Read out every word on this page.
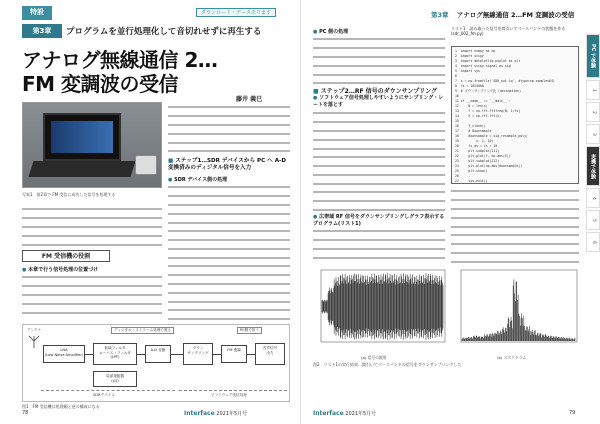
特設	ダウンロード・データあります
第3章	プログラムを並行処理化して音切れせずに再生する
アナログ無線通信 2…
FM 変調波の受信
藤井 義巳
写真1　第2章で FM 受信に成功した信号を処理する
■ ステップ1…SDR デバイスから PC へ A-D 変換済みのディジタル信号を入力
● SDR デバイス側の処理
FM 受信機の役割
● 本章で行う信号処理の位置づけ
アンテナ	ディジタル・ストリーム処理で遅る	PC側で担う
LNA
(Low Noise Amplifier)
低域フィルタ
ローパス・フィルタ
(LPF)
A-D 変換	ダウン
サンプリング
FM 復調	音声信号
出力
局部発振器
(LO)
SDRデバイス	ソフトウェア受信処理
図1　FM 受信機は処理順と逆の構成になる
78	Interface 2021年5月号
第3章 アナログ無線通信 2…FM 変調波の受信
● PC 側の処理
■ ステップ2…RF 信号のダウンサンプリング
● ソフトウェア信号処理しやすいようにサンプリング・レートを落とす
● 広帯域 RF 信号をダウンサンプリングしグラフ表示するプログラム(リスト1)
リスト1　読み取った信号を間引いてベースバンドの状態を作る(sdr_002_fm.py)
1  import numpy as np
2  import scipy
3  import matplotlib.pyplot as plt
4  import scipy.signal as sig
5  import sys
6
7  x = np.fromfile('SDR_out.iq', dtype=np.complex64)
8  fs = 1024000
9  # ダウンサンプリング比 (decimation)
10
11 if __name__ == '__main__':
12     N = len(x)
13     f = np.fft.fftfreq(N, 1/fs)
14     X = np.fft.fft(x)
15
16     f_clone()
17     # Downsample
18     downsample = sig.resample_poly(
19         x, 1, 10)
20     fs_ds = fs / 10
21     plt.subplot(211)
22     plt.plot(f, np.abs(X))
23     plt.subplot(212)
24     plt.plot(np.abs(downsample))
25     plt.show()
26
27     sys.exit()
(a) 信号の波形	(b) スペクトラム
図2　リスト1の実行結果…間引いてベースバンドの信号をダウンサンプリングした
Interface 2021年5月号	79
PC で体験
1
2
3
実機で体験
4
5
6
